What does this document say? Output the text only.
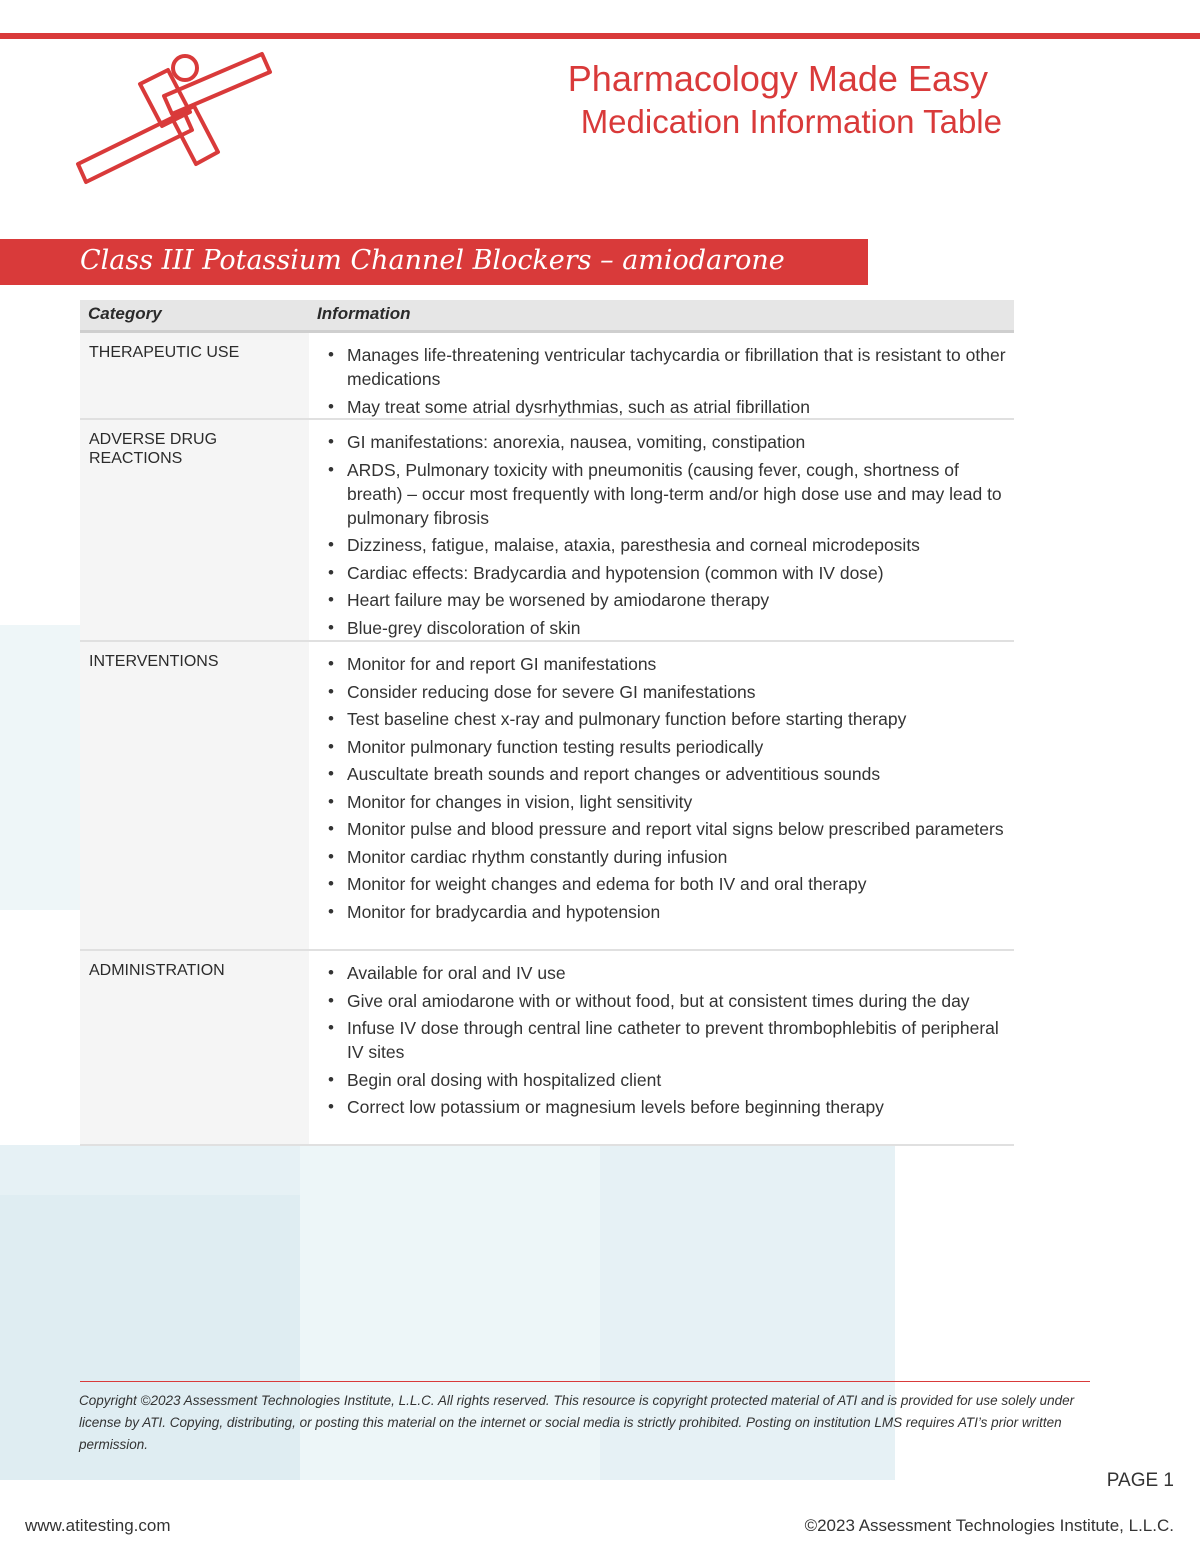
Pharmacology Made Easy
Medication Information Table
Class III Potassium Channel Blockers – amiodarone
Category	Information
THERAPEUTIC USE	• Manages life-threatening ventricular tachycardia or fibrillation that is resistant to other medications
• May treat some atrial dysrhythmias, such as atrial fibrillation
ADVERSE DRUG REACTIONS
• GI manifestations: anorexia, nausea, vomiting, constipation
• ARDS, Pulmonary toxicity with pneumonitis (causing fever, cough, shortness of breath) – occur most frequently with long-term and/or high dose use and may lead to pulmonary fibrosis
• Dizziness, fatigue, malaise, ataxia, paresthesia and corneal microdeposits
• Cardiac effects: Bradycardia and hypotension (common with IV dose)
• Heart failure may be worsened by amiodarone therapy
• Blue-grey discoloration of skin
INTERVENTIONS	• Monitor for and report GI manifestations
• Consider reducing dose for severe GI manifestations
• Test baseline chest x-ray and pulmonary function before starting therapy
• Monitor pulmonary function testing results periodically
• Auscultate breath sounds and report changes or adventitious sounds
• Monitor for changes in vision, light sensitivity
• Monitor pulse and blood pressure and report vital signs below prescribed parameters
• Monitor cardiac rhythm constantly during infusion
• Monitor for weight changes and edema for both IV and oral therapy
• Monitor for bradycardia and hypotension
ADMINISTRATION	• Available for oral and IV use
• Give oral amiodarone with or without food, but at consistent times during the day
• Infuse IV dose through central line catheter to prevent thrombophlebitis of peripheral IV sites
• Begin oral dosing with hospitalized client
• Correct low potassium or magnesium levels before beginning therapy
Copyright ©2023 Assessment Technologies Institute, L.L.C. All rights reserved. This resource is copyright protected material of ATI and is provided for use solely under license by ATI. Copying, distributing, or posting this material on the internet or social media is strictly prohibited. Posting on institution LMS requires ATI’s prior written permission.
PAGE 1
www.atitesting.com	©2023 Assessment Technologies Institute, L.L.C.
